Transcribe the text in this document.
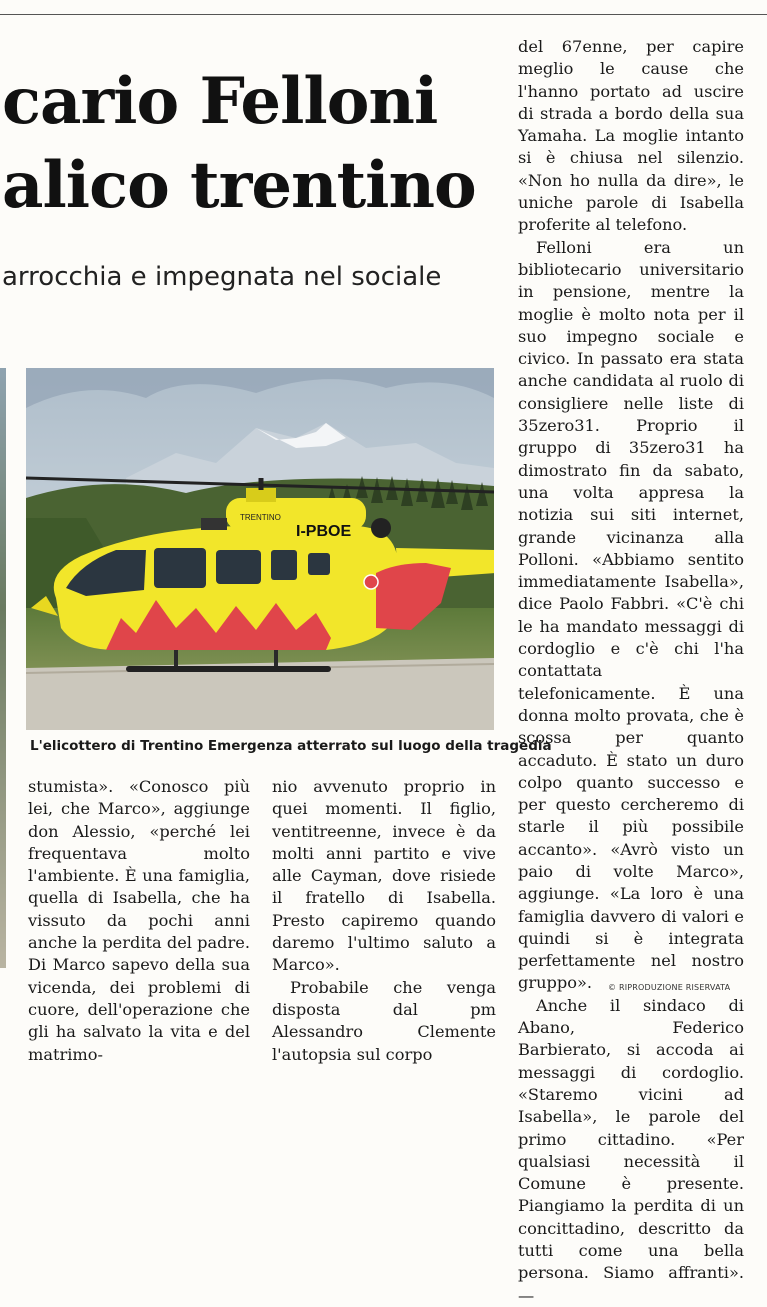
cario Felloni
alico trentino
arrocchia e impegnata nel sociale
I-PBOE
TRENTINO
L'elicottero di Trentino Emergenza atterrato sul luogo della tragedia

stumista». «Conosco più lei, che Marco», aggiunge don Alessio, «perché lei frequentava molto l'ambiente. È una famiglia, quella di Isabella, che ha vissuto da pochi anni anche la perdita del padre. Di Marco sapevo della sua vicenda, dei problemi di cuore, dell'operazione che gli ha salvato la vita e del matrimo-

nio avvenuto proprio in quei momenti. Il figlio, ventitreenne, invece è da molti anni partito e vive alle Cayman, dove risiede il fratello di Isabella. Presto capiremo quando daremo l'ultimo saluto a Marco».

Probabile che venga disposta dal pm Alessandro Clemente l'autopsia sul corpo

del 67enne, per capire meglio le cause che l'hanno portato ad uscire di strada a bordo della sua Yamaha. La moglie intanto si è chiusa nel silenzio. «Non ho nulla da dire», le uniche parole di Isabella proferite al telefono.

Felloni era un bibliotecario universitario in pensione, mentre la moglie è molto nota per il suo impegno sociale e civico. In passato era stata anche candidata al ruolo di consigliere nelle liste di 35zero31. Proprio il gruppo di 35zero31 ha dimostrato fin da sabato, una volta appresa la notizia sui siti internet, grande vicinanza alla Polloni. «Abbiamo sentito immediatamente Isabella», dice Paolo Fabbri. «C'è chi le ha mandato messaggi di cordoglio e c'è chi l'ha contattata telefonicamente. È una donna molto provata, che è scossa per quanto accaduto. È stato un duro colpo quanto successo e per questo cercheremo di starle il più possibile accanto». «Avrò visto un paio di volte Marco», aggiunge. «La loro è una famiglia davvero di valori e quindi si è integrata perfettamente nel nostro gruppo».

Anche il sindaco di Abano, Federico Barbierato, si accoda ai messaggi di cordoglio. «Staremo vicini ad Isabella», le parole del primo cittadino. «Per qualsiasi necessità il Comune è presente. Piangiamo la perdita di un concittadino, descritto da tutti come una bella persona. Siamo affranti». —

© RIPRODUZIONE RISERVATA
